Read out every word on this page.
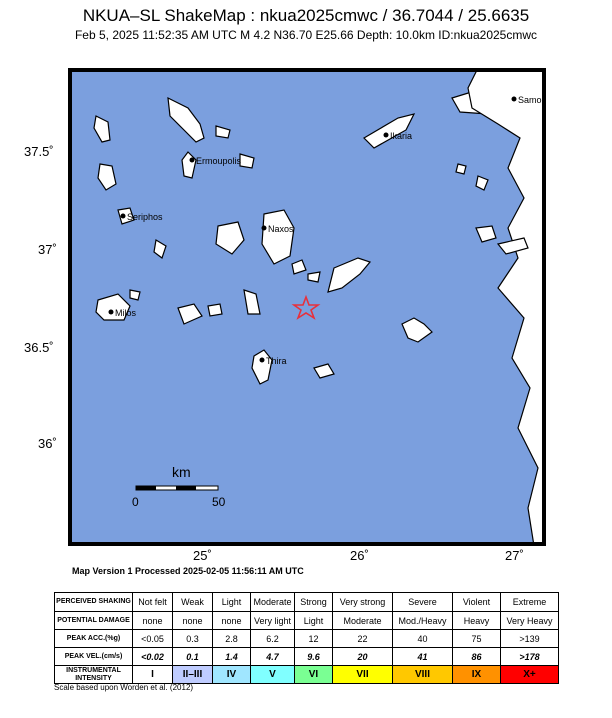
NKUA–SL ShakeMap : nkua2025cmwc / 36.7044 / 25.6635
Feb 5, 2025 11:52:35 AM UTC M 4.2 N36.70 E25.66 Depth: 10.0km ID:nkua2025cmwc
Ermoupolis
Seriphos
Milos
Naxos
Thira
Ikaria
Samo
km
0	50
37.5˚
37˚
36.5˚
36˚
25˚	26˚	27˚
Map Version 1 Processed 2025-02-05 11:56:11 AM UTC
PERCEIVED SHAKING	Not felt	Weak	Light	Moderate	Strong	Very strong	Severe	Violent	Extreme
POTENTIAL DAMAGE	none	none	none	Very light	Light	Moderate	Mod./Heavy	Heavy	Very Heavy
PEAK ACC.(%g)	<0.05	0.3	2.8	6.2	12	22	40	75	>139
PEAK VEL.(cm/s)	<0.02	0.1	1.4	4.7	9.6	20	41	86	>178
INSTRUMENTAL INTENSITY	I	II–III	IV	V	VI	VII	VIII	IX	X+
Scale based upon Worden et al. (2012)
